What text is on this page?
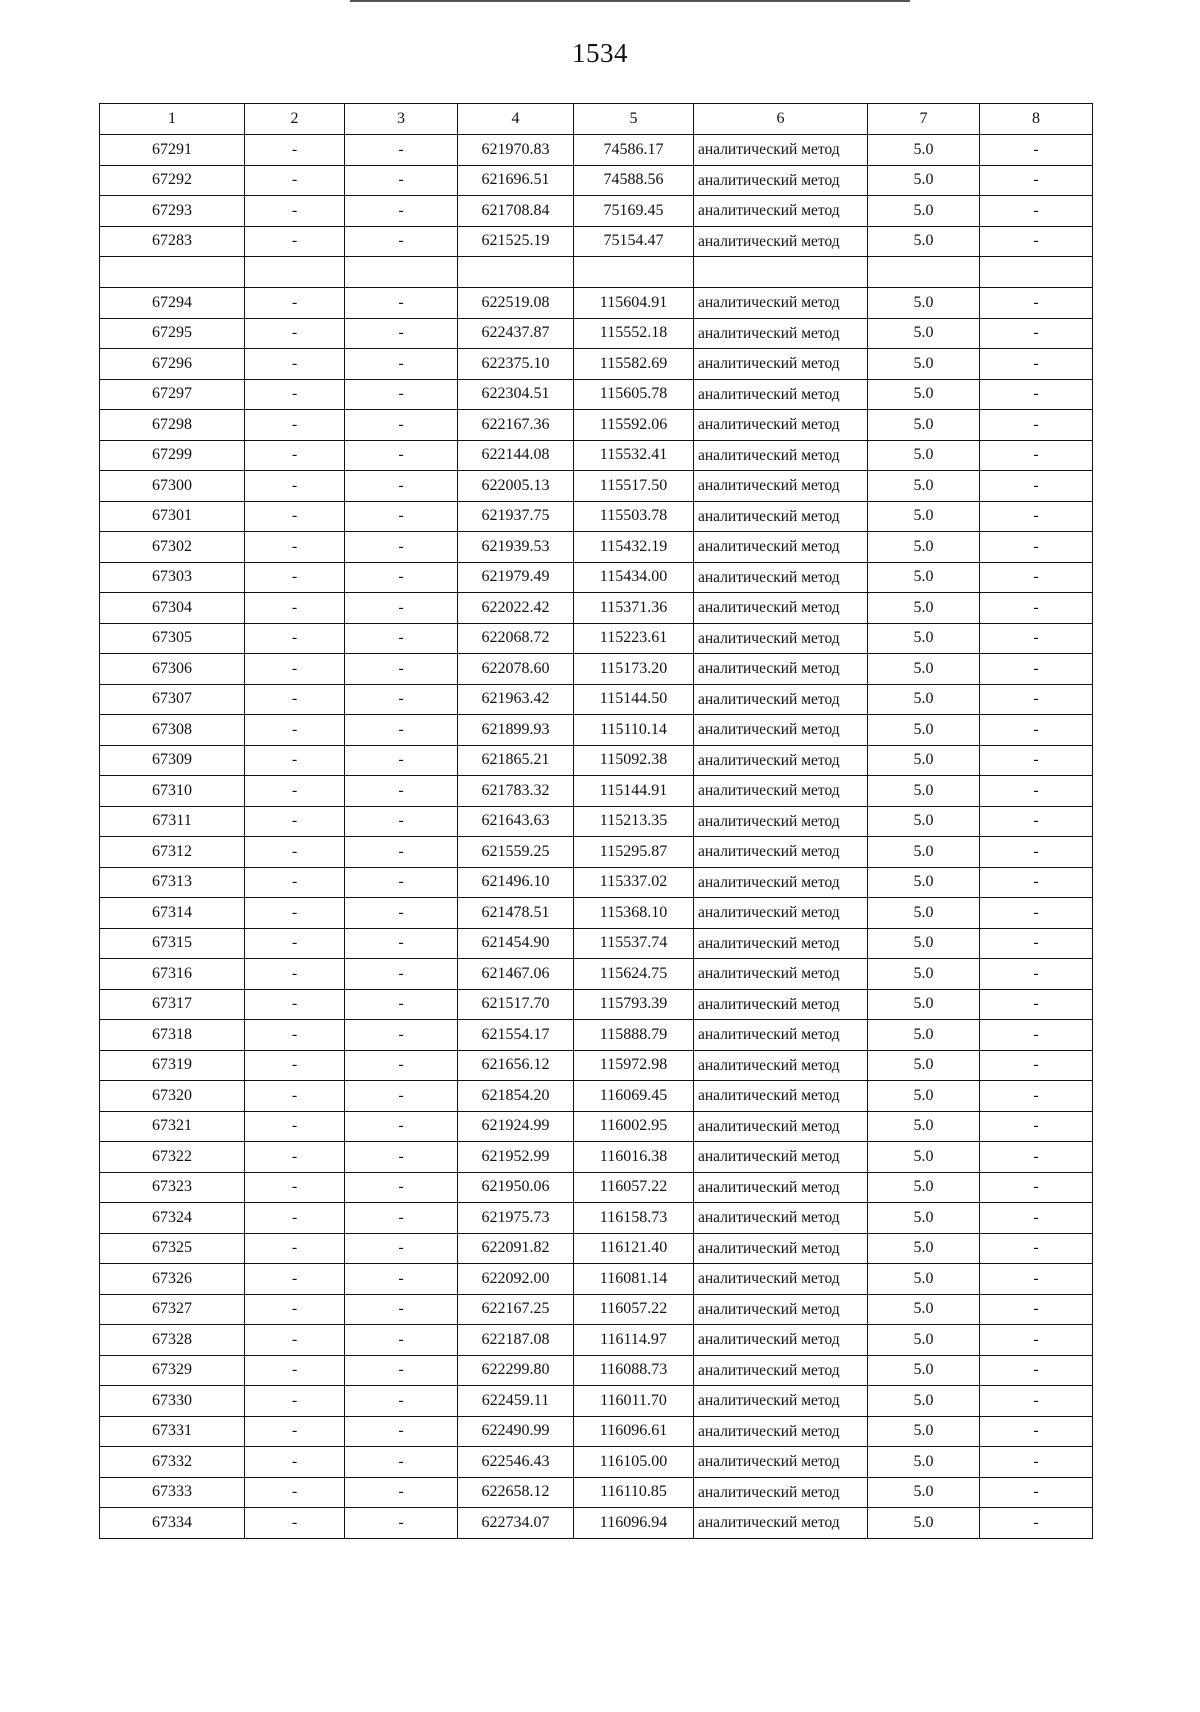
1534
1	2	3	4	5	6	7	8
67291	-	-	621970.83	74586.17	аналитический метод	5.0	-
67292	-	-	621696.51	74588.56	аналитический метод	5.0	-
67293	-	-	621708.84	75169.45	аналитический метод	5.0	-
67283	-	-	621525.19	75154.47	аналитический метод	5.0	-

67294	-	-	622519.08	115604.91	аналитический метод	5.0	-
67295	-	-	622437.87	115552.18	аналитический метод	5.0	-
67296	-	-	622375.10	115582.69	аналитический метод	5.0	-
67297	-	-	622304.51	115605.78	аналитический метод	5.0	-
67298	-	-	622167.36	115592.06	аналитический метод	5.0	-
67299	-	-	622144.08	115532.41	аналитический метод	5.0	-
67300	-	-	622005.13	115517.50	аналитический метод	5.0	-
67301	-	-	621937.75	115503.78	аналитический метод	5.0	-
67302	-	-	621939.53	115432.19	аналитический метод	5.0	-
67303	-	-	621979.49	115434.00	аналитический метод	5.0	-
67304	-	-	622022.42	115371.36	аналитический метод	5.0	-
67305	-	-	622068.72	115223.61	аналитический метод	5.0	-
67306	-	-	622078.60	115173.20	аналитический метод	5.0	-
67307	-	-	621963.42	115144.50	аналитический метод	5.0	-
67308	-	-	621899.93	115110.14	аналитический метод	5.0	-
67309	-	-	621865.21	115092.38	аналитический метод	5.0	-
67310	-	-	621783.32	115144.91	аналитический метод	5.0	-
67311	-	-	621643.63	115213.35	аналитический метод	5.0	-
67312	-	-	621559.25	115295.87	аналитический метод	5.0	-
67313	-	-	621496.10	115337.02	аналитический метод	5.0	-
67314	-	-	621478.51	115368.10	аналитический метод	5.0	-
67315	-	-	621454.90	115537.74	аналитический метод	5.0	-
67316	-	-	621467.06	115624.75	аналитический метод	5.0	-
67317	-	-	621517.70	115793.39	аналитический метод	5.0	-
67318	-	-	621554.17	115888.79	аналитический метод	5.0	-
67319	-	-	621656.12	115972.98	аналитический метод	5.0	-
67320	-	-	621854.20	116069.45	аналитический метод	5.0	-
67321	-	-	621924.99	116002.95	аналитический метод	5.0	-
67322	-	-	621952.99	116016.38	аналитический метод	5.0	-
67323	-	-	621950.06	116057.22	аналитический метод	5.0	-
67324	-	-	621975.73	116158.73	аналитический метод	5.0	-
67325	-	-	622091.82	116121.40	аналитический метод	5.0	-
67326	-	-	622092.00	116081.14	аналитический метод	5.0	-
67327	-	-	622167.25	116057.22	аналитический метод	5.0	-
67328	-	-	622187.08	116114.97	аналитический метод	5.0	-
67329	-	-	622299.80	116088.73	аналитический метод	5.0	-
67330	-	-	622459.11	116011.70	аналитический метод	5.0	-
67331	-	-	622490.99	116096.61	аналитический метод	5.0	-
67332	-	-	622546.43	116105.00	аналитический метод	5.0	-
67333	-	-	622658.12	116110.85	аналитический метод	5.0	-
67334	-	-	622734.07	116096.94	аналитический метод	5.0	-
